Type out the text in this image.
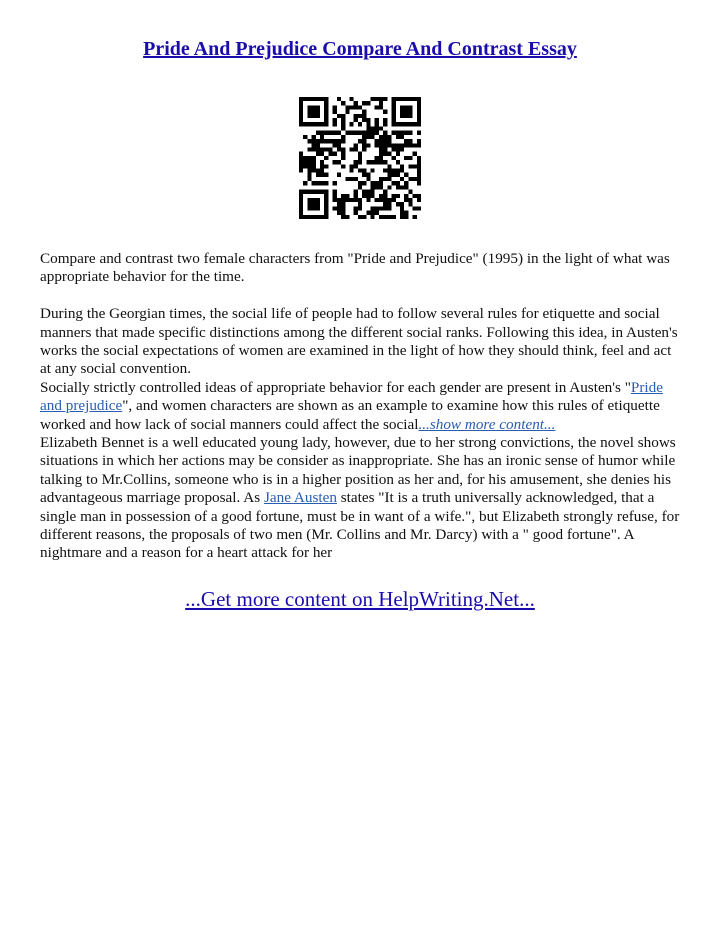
Pride And Prejudice Compare And Contrast Essay

Compare and contrast two female characters from "Pride and Prejudice" (1995) in the light of what was appropriate behavior for the time.

During the Georgian times, the social life of people had to follow several rules for etiquette and social manners that made specific distinctions among the different social ranks. Following this idea, in Austen's works the social expectations of women are examined in the light of how they should think, feel and act at any social convention.

Socially strictly controlled ideas of appropriate behavior for each gender are present in Austen's "Pride and prejudice", and women characters are shown as an example to examine how this rules of etiquette worked and how lack of social manners could affect the social...show more content...
Elizabeth Bennet is a well educated young lady, however, due to her strong convictions, the novel shows situations in which her actions may be consider as inappropriate. She has an ironic sense of humor while talking to Mr.Collins, someone who is in a higher position as her and, for his amusement, she denies his advantageous marriage proposal. As Jane Austen states "It is a truth universally acknowledged, that a single man in possession of a good fortune, must be in want of a wife.", but Elizabeth strongly refuse, for different reasons, the proposals of two men (Mr. Collins and Mr. Darcy) with a " good fortune". A nightmare and a reason for a heart attack for her

...Get more content on HelpWriting.Net...
